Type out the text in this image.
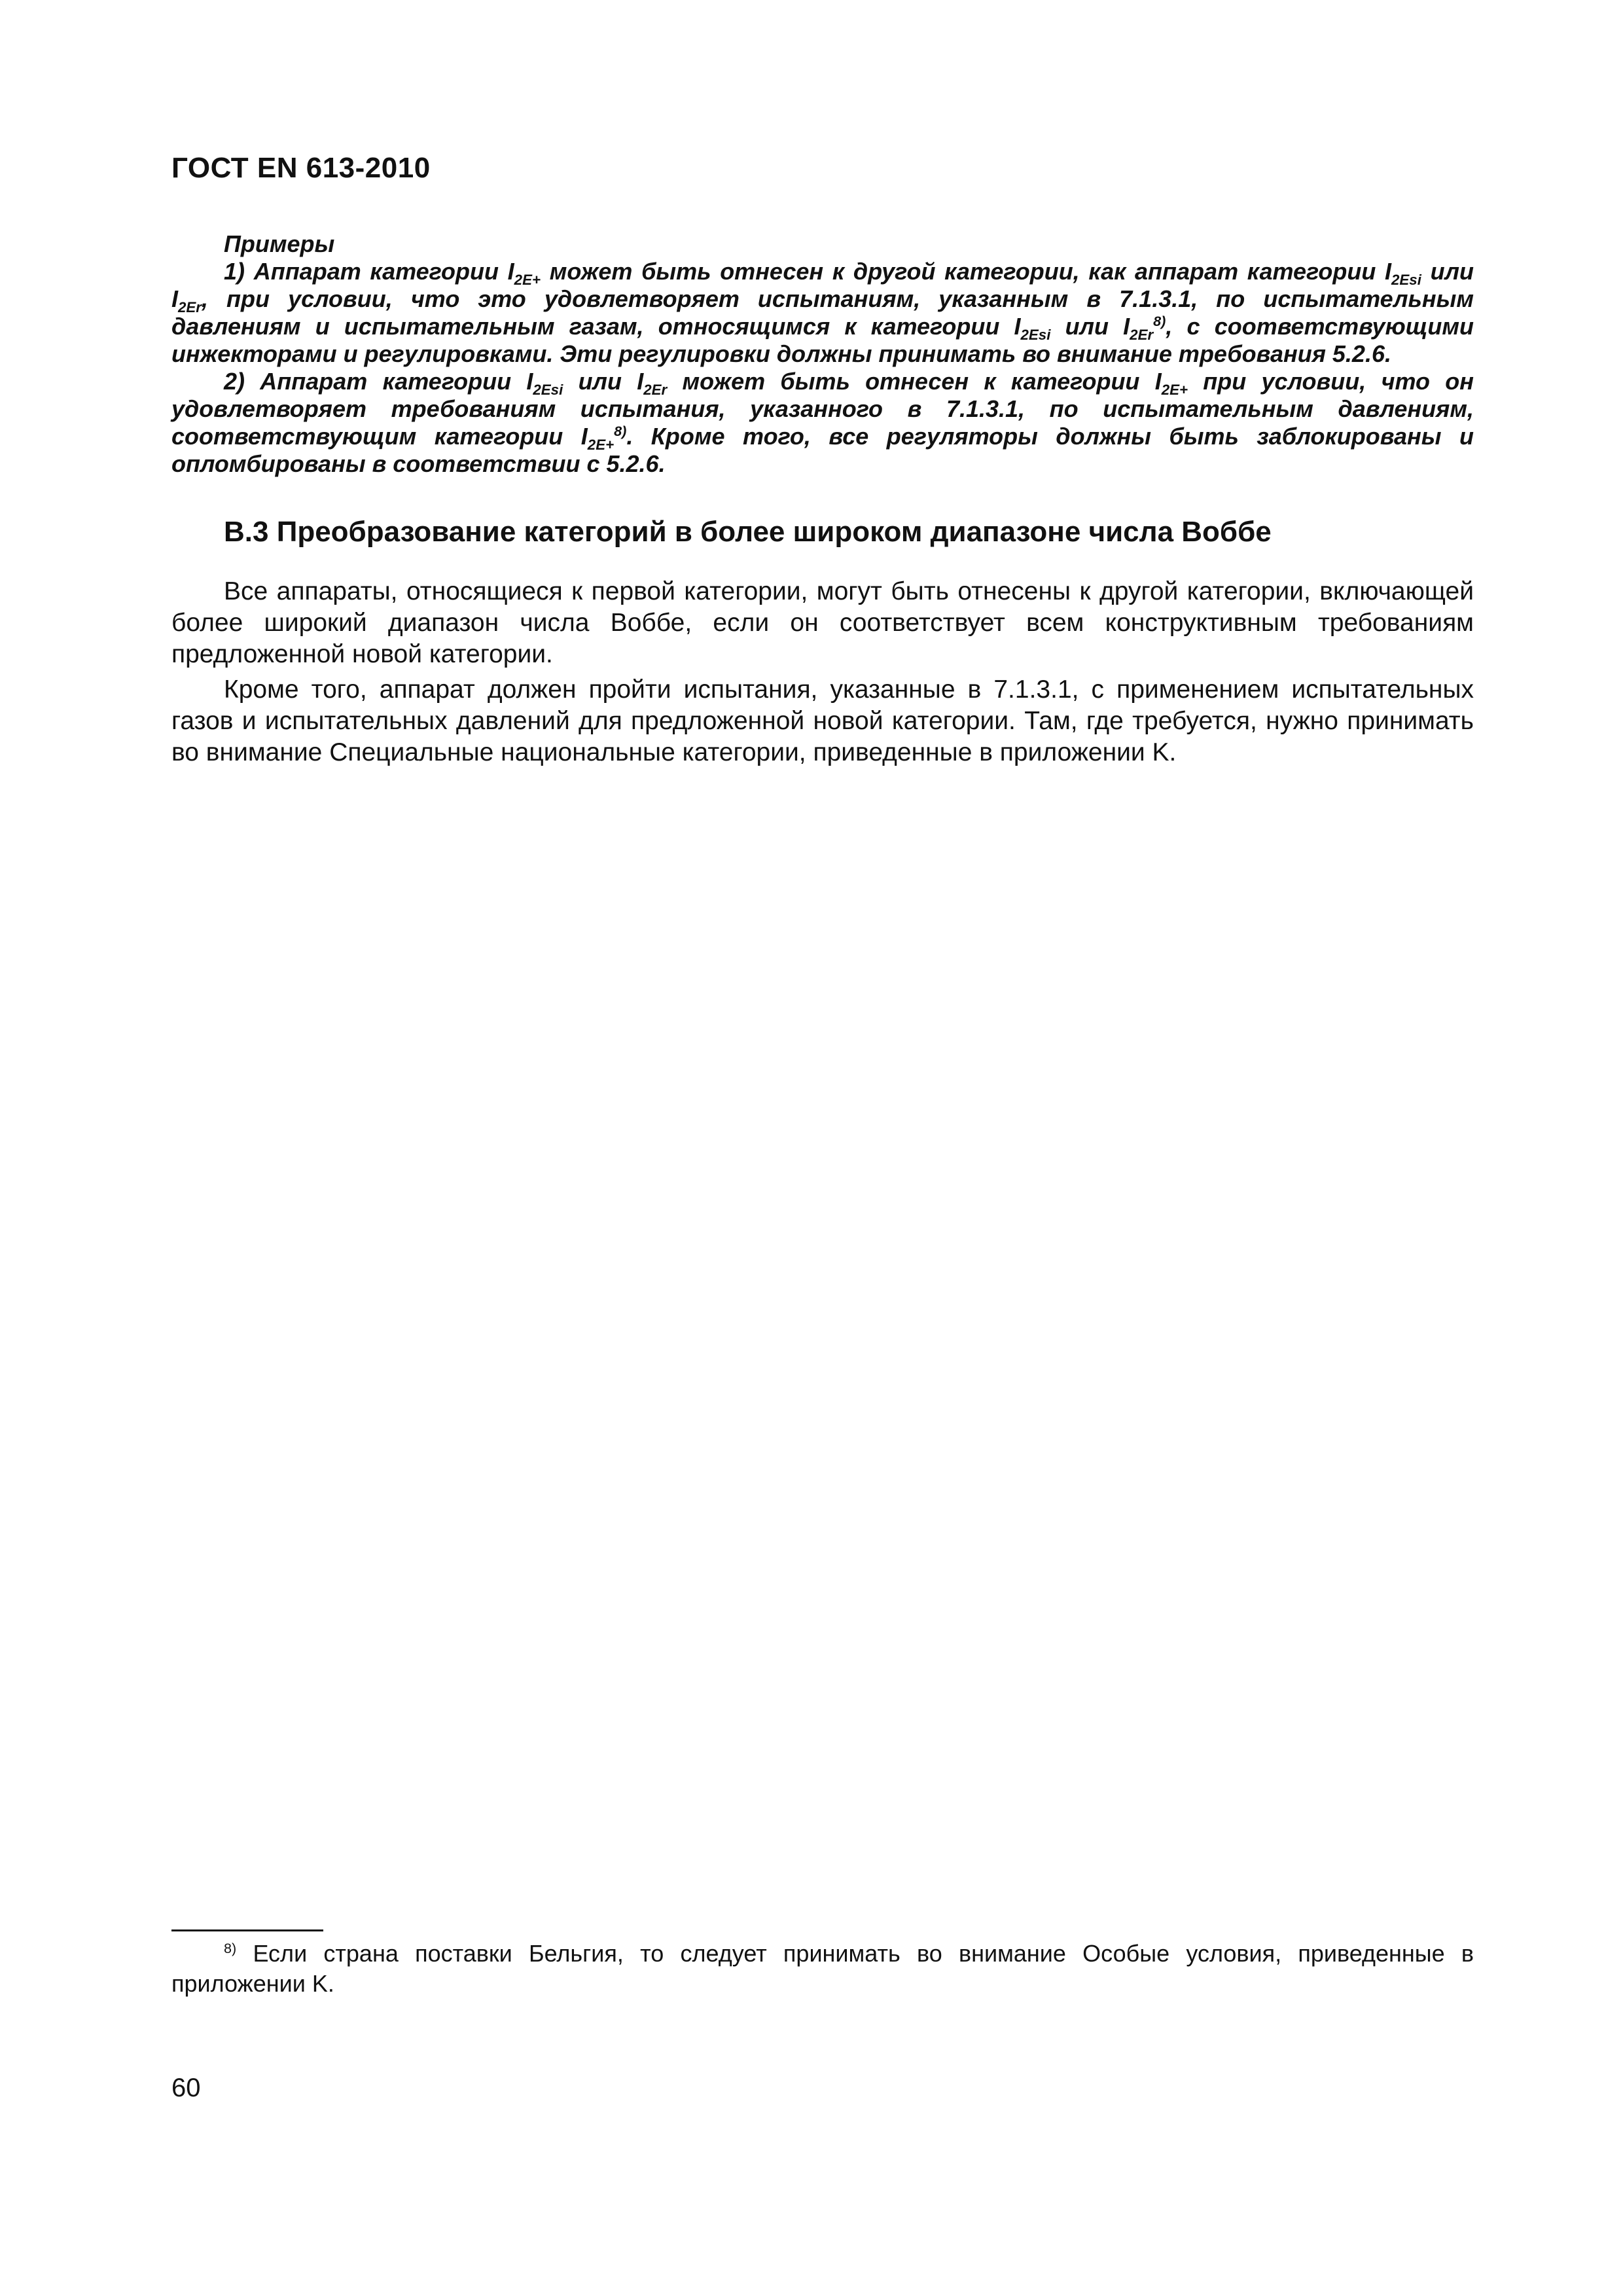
ГОСТ EN 613-2010

Примеры

1) Аппарат категории $I_{2E+}$ может быть отнесен к другой категории, как аппарат категории $I_{2Esi}$ или $I_{2Er}$, при условии, что это удовлетворяет испытаниям, указанным в 7.1.3.1, по испытательным давлениям и испытательным газам, относящимся к категории $I_{2Esi}$ или $I_{2Er}^{8)}$, с соответствующими инжекторами и регулировками. Эти регулировки должны принимать во внимание требования 5.2.6.

2) Аппарат категории $I_{2Esi}$ или $I_{2Er}$ может быть отнесен к категории $I_{2E+}$ при условии, что он удовлетворяет требованиям испытания, указанного в 7.1.3.1, по испытательным давлениям, соответствующим категории $I_{2E+}^{8)}$. Кроме того, все регуляторы должны быть заблокированы и опломбированы в соответствии с 5.2.6.

B.3 Преобразование категорий в более широком диапазоне числа Воббе

Все аппараты, относящиеся к первой категории, могут быть отнесены к другой категории, включающей более широкий диапазон числа Воббе, если он соответствует всем конструктивным требованиям предложенной новой категории.

Кроме того, аппарат должен пройти испытания, указанные в 7.1.3.1, с применением испытательных газов и испытательных давлений для предложенной новой категории. Там, где требуется, нужно принимать во внимание Специальные национальные категории, приведенные в приложении K.

$^{8)}$ Если страна поставки Бельгия, то следует принимать во внимание Особые условия, приведенные в приложении K.
60
